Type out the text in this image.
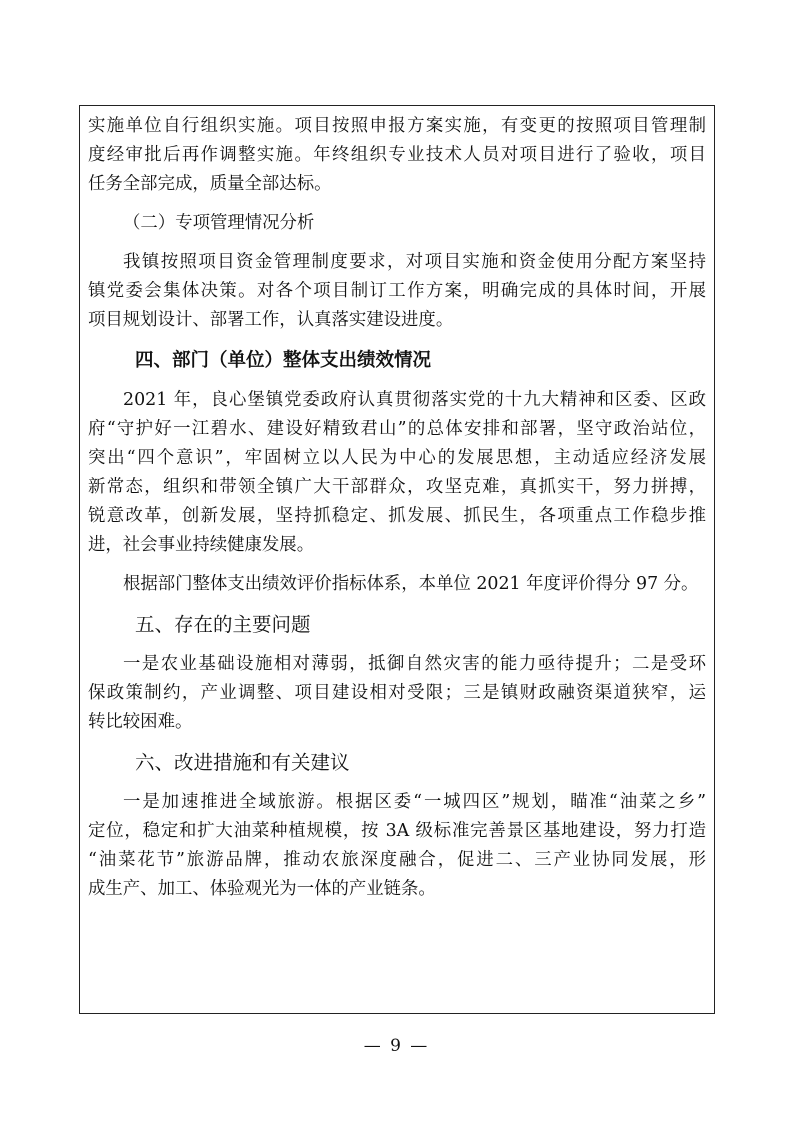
实施单位自行组织实施。项目按照申报方案实施，有变更的按照项目管理制
度经审批后再作调整实施。年终组织专业技术人员对项目进行了验收，项目
任务全部完成，质量全部达标。
（二）专项管理情况分析
我镇按照项目资金管理制度要求，对项目实施和资金使用分配方案坚持
镇党委会集体决策。对各个项目制订工作方案，明确完成的具体时间，开展
项目规划设计、部署工作，认真落实建设进度。
四、部门（单位）整体支出绩效情况
2021 年，良心堡镇党委政府认真贯彻落实党的十九大精神和区委、区政
府“守护好一江碧水、建设好精致君山”的总体安排和部署，坚守政治站位，
突出“四个意识”，牢固树立以人民为中心的发展思想，主动适应经济发展
新常态，组织和带领全镇广大干部群众，攻坚克难，真抓实干，努力拼搏，
锐意改革，创新发展，坚持抓稳定、抓发展、抓民生，各项重点工作稳步推
进，社会事业持续健康发展。
根据部门整体支出绩效评价指标体系，本单位 2021 年度评价得分 97 分。
五、存在的主要问题
一是农业基础设施相对薄弱，抵御自然灾害的能力亟待提升；二是受环
保政策制约，产业调整、项目建设相对受限；三是镇财政融资渠道狭窄，运
转比较困难。
六、改进措施和有关建议
一是加速推进全域旅游。根据区委“一城四区”规划，瞄准“油菜之乡”
定位，稳定和扩大油菜种植规模，按 3A 级标准完善景区基地建设，努力打造
“油菜花节”旅游品牌，推动农旅深度融合，促进二、三产业协同发展，形
成生产、加工、体验观光为一体的产业链条。
— 9 —
